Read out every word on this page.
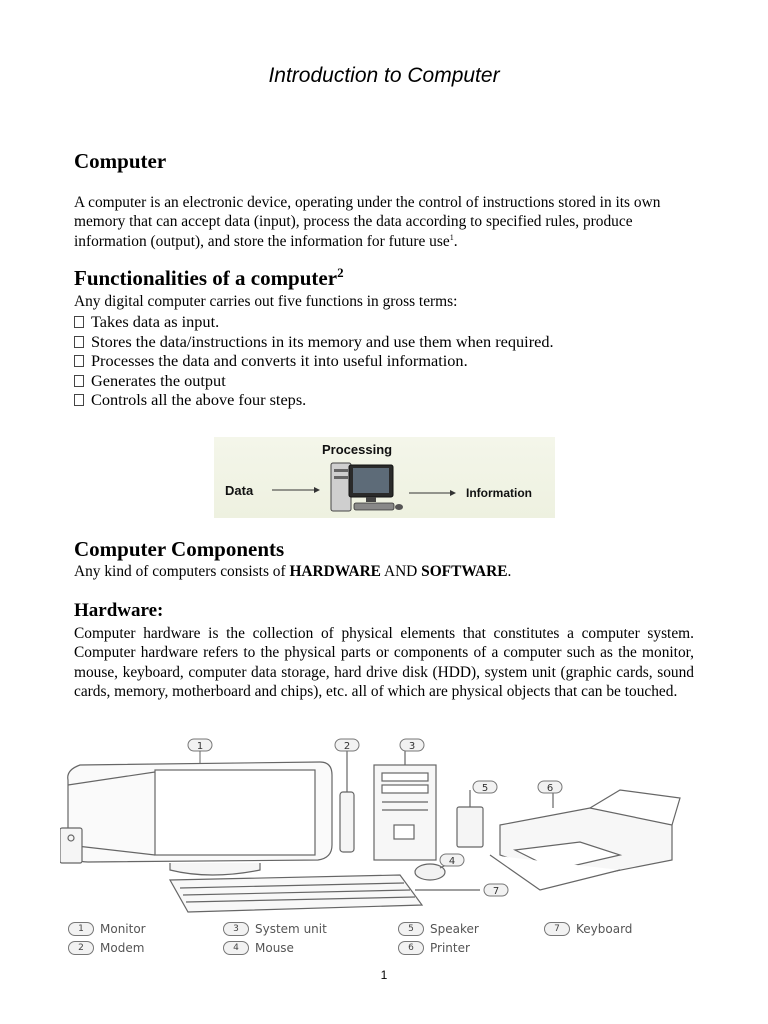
Introduction to Computer
Computer

A computer is an electronic device, operating under the control of instructions stored in its own memory that can accept data (input), process the data according to specified rules, produce information (output), and store the information for future use$^1$.

Functionalities of a computer$^2$

Any digital computer carries out five functions in gross terms:

Takes data as input.
Stores the data/instructions in its memory and use them when required.
Processes the data and converts it into useful information.
Generates the output
Controls all the above four steps.
Processing
Data	Information
Computer Components

Any kind of computers consists of HARDWARE AND SOFTWARE.

Hardware:

Computer hardware is the collection of physical elements that constitutes a computer system. Computer hardware refers to the physical parts or components of a computer such as the monitor, mouse, keyboard, computer data storage, hard drive disk (HDD), system unit (graphic cards, sound cards, memory, motherboard and chips), etc. all of which are physical objects that can be touched.

1	2	3
4
5	6
7
1	Monitor
2	Modem
3	System unit
4	Mouse
5	Speaker
6	Printer
7	Keyboard
1
